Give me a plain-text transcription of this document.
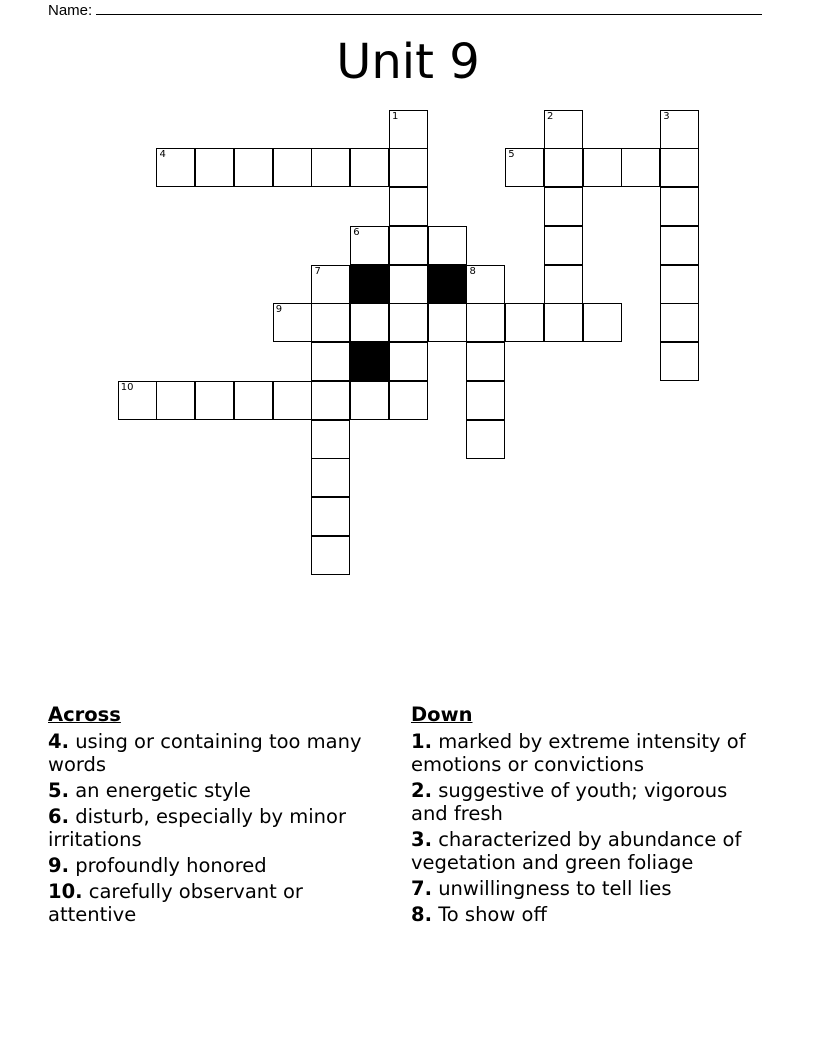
Name:
Unit 9
1	2	3
4	5
6
7	8
9
10
Across
4. using or containing too many words
5. an energetic style
6. disturb, especially by minor irritations
9. profoundly honored
10. carefully observant or attentive
Down
1. marked by extreme intensity of emotions or convictions
2. suggestive of youth; vigorous and fresh
3. characterized by abundance of vegetation and green foliage
7. unwillingness to tell lies
8. To show off
